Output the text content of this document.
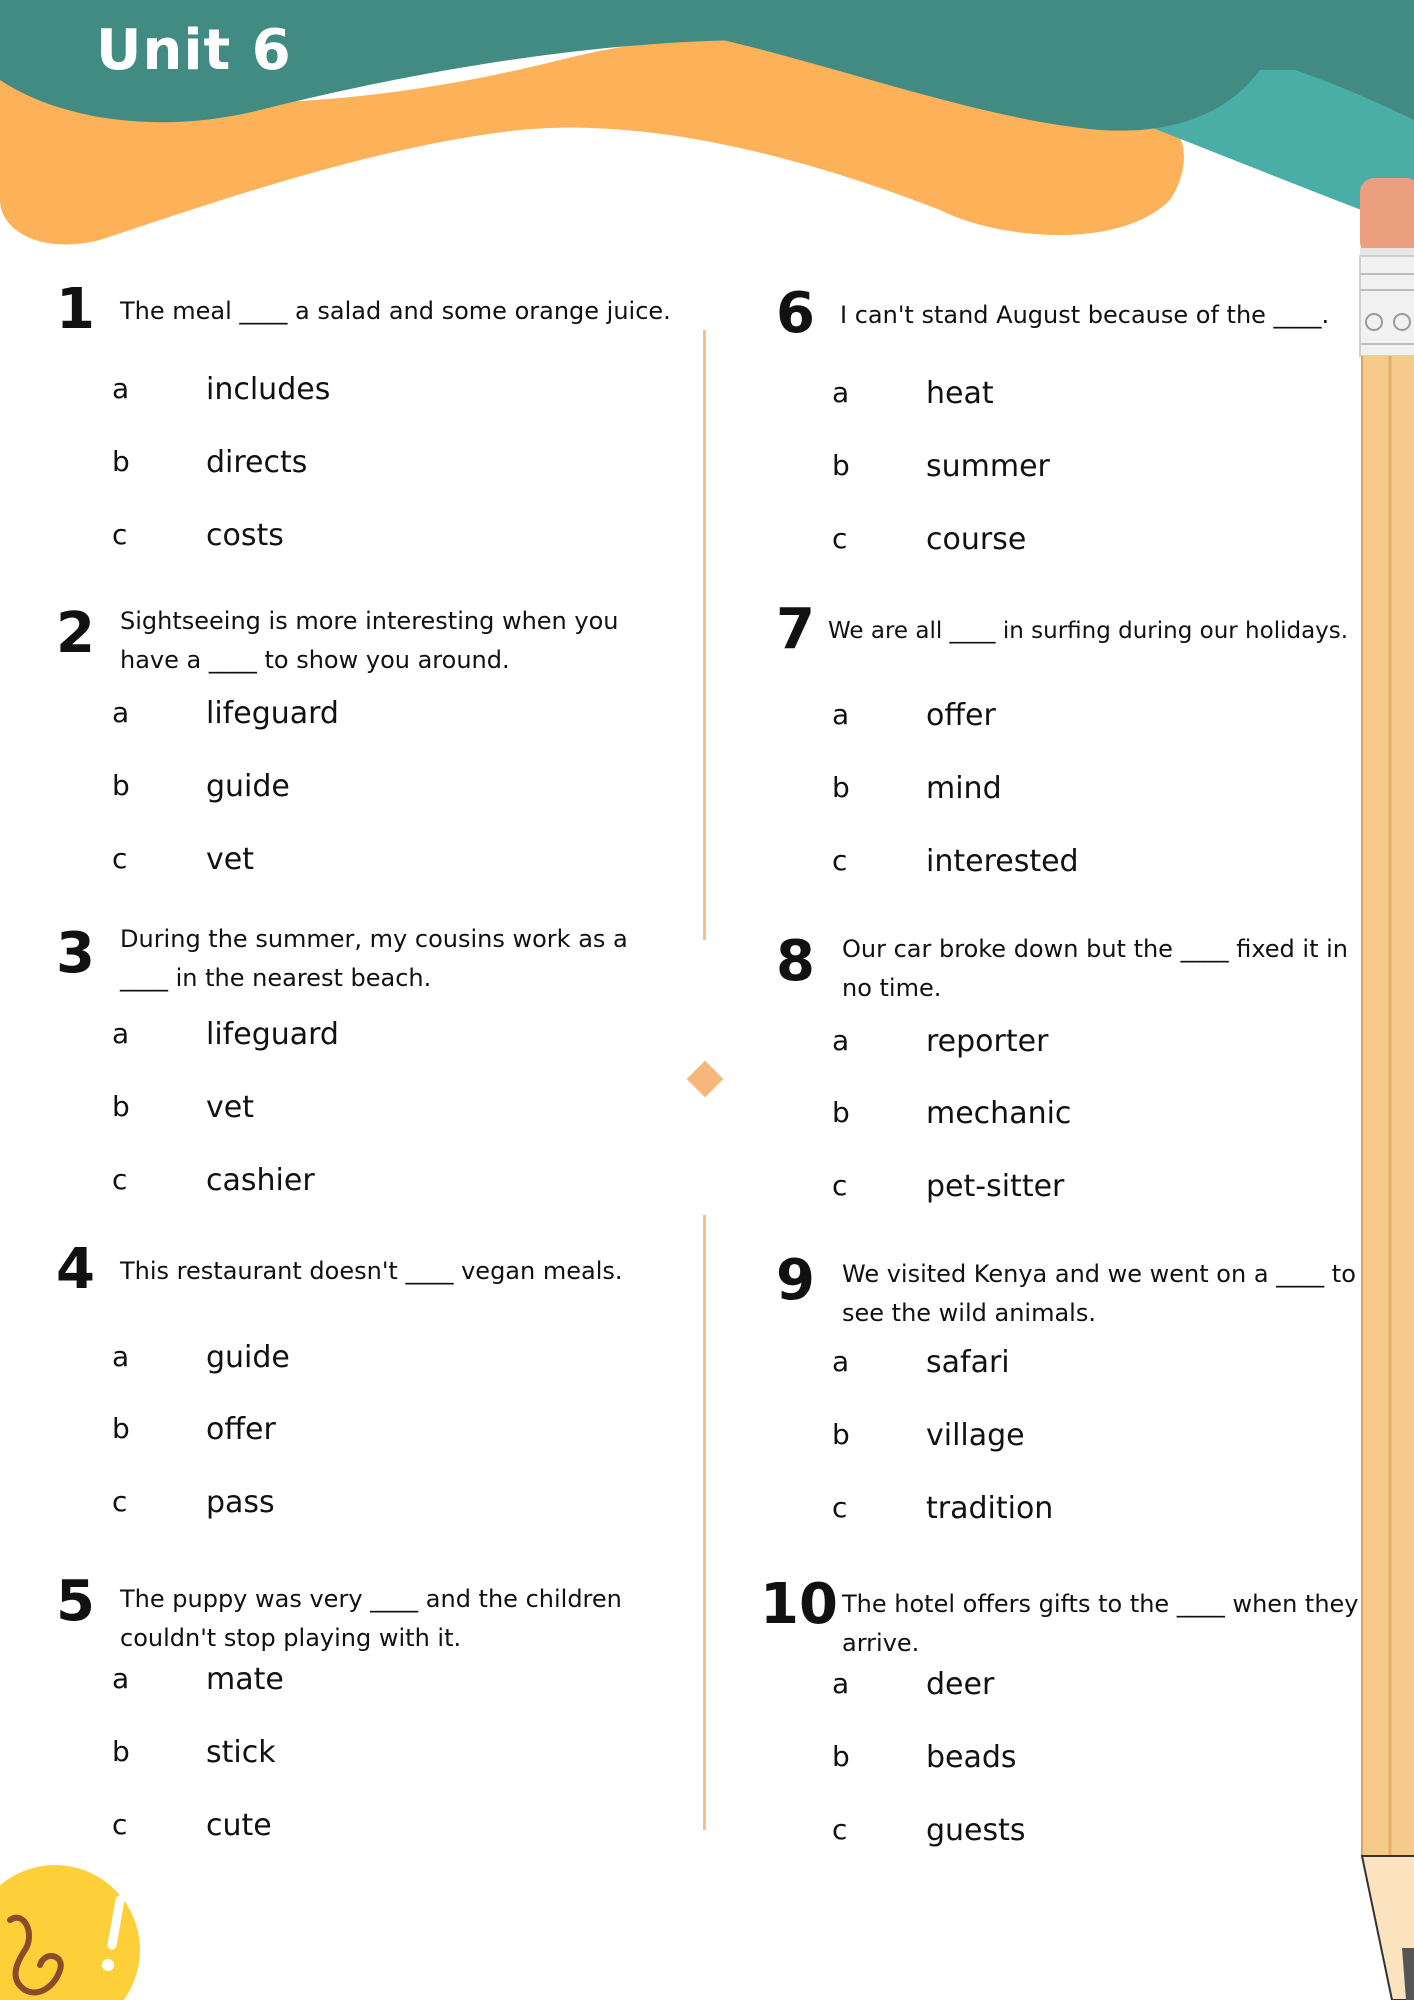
Unit 6
1	The meal ____ a salad and some orange juice.
a	includes
b	directs
c	costs
2	Sightseeing is more interesting when you have a ____ to show you around.
a	lifeguard
b	guide
c	vet
3	During the summer, my cousins work as a ____ in the nearest beach.
a	lifeguard
b	vet
c	cashier
4	This restaurant doesn't ____ vegan meals.
a	guide
b	offer
c	pass
5	The puppy was very ____ and the children couldn't stop playing with it.
a	mate
b	stick
c	cute
6	I can't stand August because of the ____.
a	heat
b	summer
c	course
7 We are all ____ in surfing during our holidays.
a	offer
b	mind
c	interested
8	Our car broke down but the ____ fixed it in no time.
a	reporter
b	mechanic
c	pet-sitter
9	We visited Kenya and we went on a ____ to see the wild animals.
a	safari
b	village
c	tradition
10 The hotel offers gifts to the ____ when they arrive.
a	deer
b	beads
c	guests
